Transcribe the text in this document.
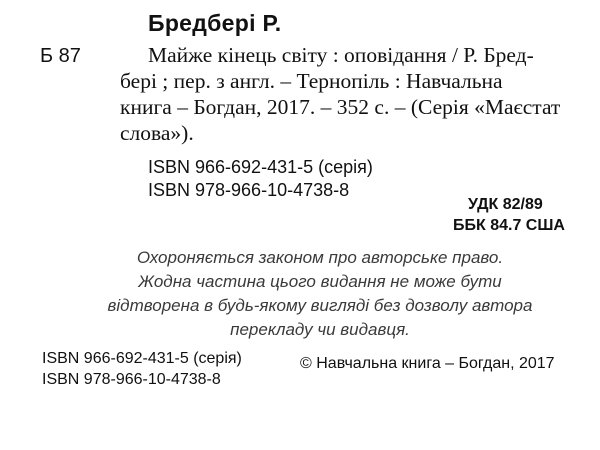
Бредбері Р.
Б 87	Майже кінець світу : оповідання / Р. Бред-
бері ; пер. з англ. – Тернопіль : Навчальна
книга – Богдан, 2017. – 352 с. – (Серія «Маєстат
слова»).
ISBN 966-692-431-5 (серія)
ISBN 978-966-10-4738-8
УДК 82/89
ББК 84.7 США
Охороняється законом про авторське право.
Жодна частина цього видання не може бути
відтворена в будь-якому вигляді без дозволу автора
перекладу чи видавця.
ISBN 966-692-431-5 (серія)
ISBN 978-966-10-4738-8
© Навчальна книга – Богдан, 2017
